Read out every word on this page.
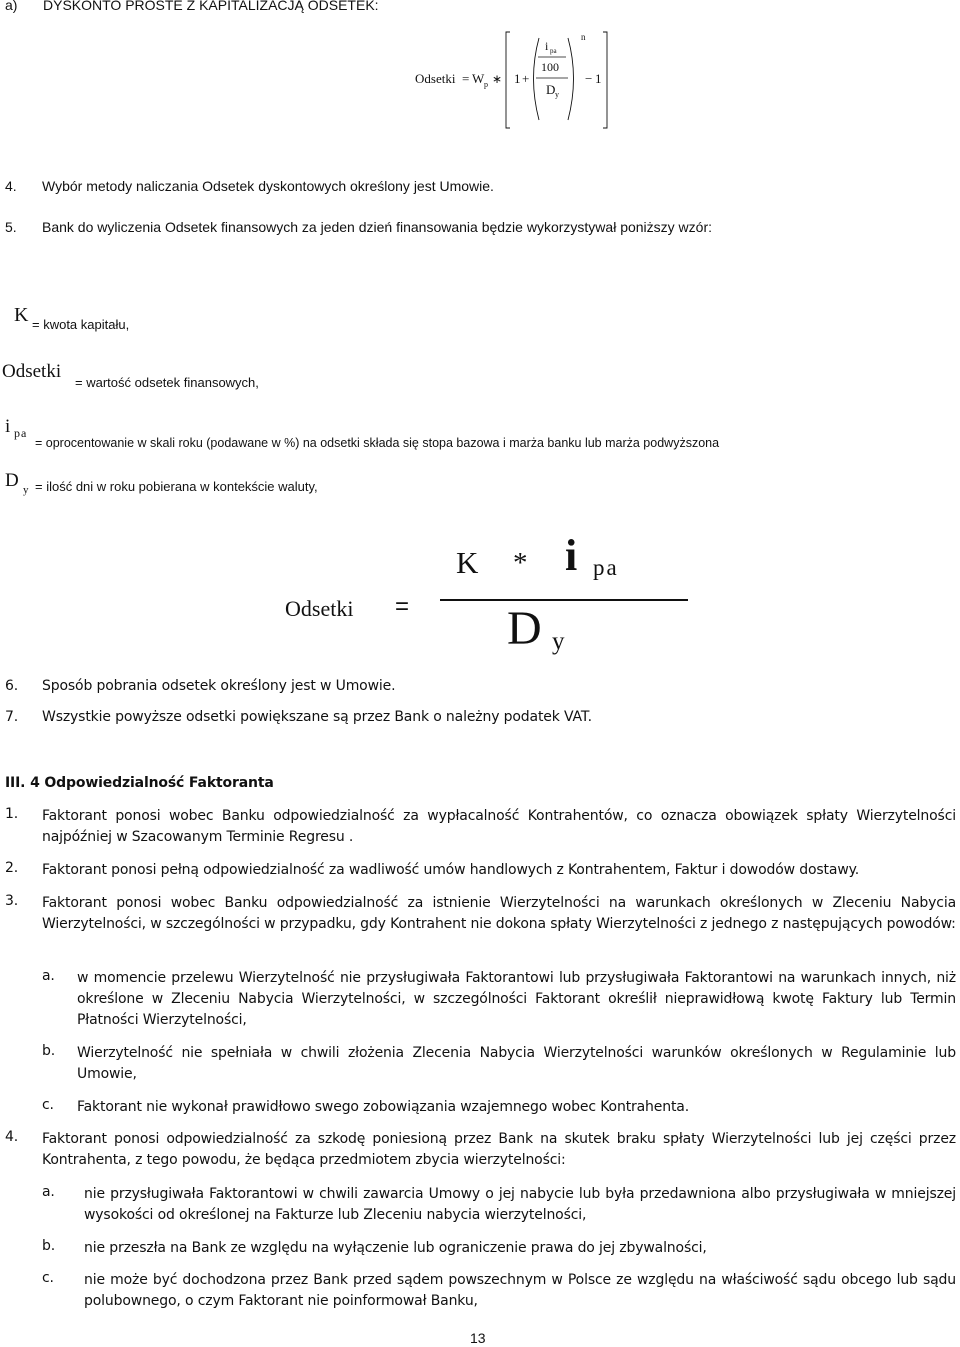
a) DYSKONTO PROSTE Z KAPITALIZACJĄ ODSETEK:
Odsetki = W p ∗ 1 +
i pa
100
D y
n
− 1
4. Wybór metody naliczania Odsetek dyskontowych określony jest Umowie.
5. Bank do wyliczenia Odsetek finansowych za jeden dzień finansowania będzie wykorzystywał poniższy wzór:
K = kwota kapitału,
Odsetki
= wartość odsetek finansowych,
i pa
= oprocentowanie w skali roku (podawane w %) na odsetki składa się stopa bazowa i marża banku lub marża podwyższona
D y = ilość dni w roku pobierana w kontekście waluty,
Odsetki =
K * i pa
D y
6. Sposób pobrania odsetek określony jest w Umowie.
7. Wszystkie powyższe odsetki powiększane są przez Bank o należny podatek VAT.
III. 4 Odpowiedzialność Faktoranta
1. Faktorant ponosi wobec Banku odpowiedzialność za wypłacalność Kontrahentów, co oznacza obowiązek spłaty Wierzytelności najpóźniej w Szacowanym Terminie Regresu .
2. Faktorant ponosi pełną odpowiedzialność za wadliwość umów handlowych z Kontrahentem, Faktur i dowodów dostawy.
3. Faktorant ponosi wobec Banku odpowiedzialność za istnienie Wierzytelności na warunkach określonych w Zleceniu Nabycia Wierzytelności, w szczególności w przypadku, gdy Kontrahent nie dokona spłaty Wierzytelności z jednego z następujących powodów:
a. w momencie przelewu Wierzytelność nie przysługiwała Faktorantowi lub przysługiwała Faktorantowi na warunkach innych, niż określone w Zleceniu Nabycia Wierzytelności, w szczególności Faktorant określił nieprawidłową kwotę Faktury lub Termin Płatności Wierzytelności,
b. Wierzytelność nie spełniała w chwili złożenia Zlecenia Nabycia Wierzytelności warunków określonych w Regulaminie lub Umowie,
c. Faktorant nie wykonał prawidłowo swego zobowiązania wzajemnego wobec Kontrahenta.
4. Faktorant ponosi odpowiedzialność za szkodę poniesioną przez Bank na skutek braku spłaty Wierzytelności lub jej części przez Kontrahenta, z tego powodu, że będąca przedmiotem zbycia wierzytelności:
a. nie przysługiwała Faktorantowi w chwili zawarcia Umowy o jej nabycie lub była przedawniona albo przysługiwała w mniejszej wysokości od określonej na Fakturze lub Zleceniu nabycia wierzytelności,
b. nie przeszła na Bank ze względu na wyłączenie lub ograniczenie prawa do jej zbywalności,
c. nie może być dochodzona przez Bank przed sądem powszechnym w Polsce ze względu na właściwość sądu obcego lub sądu polubownego, o czym Faktorant nie poinformował Banku,
13
